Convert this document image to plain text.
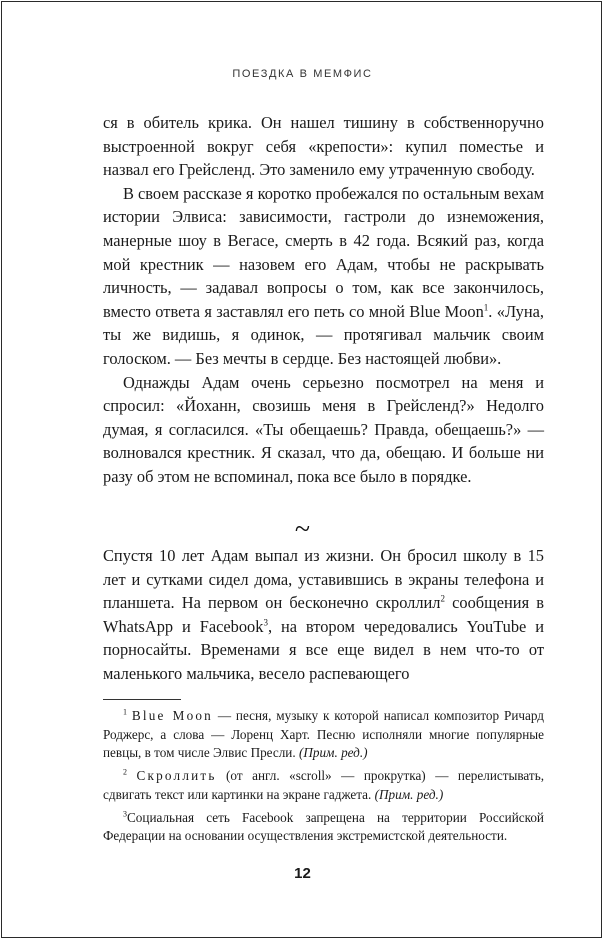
ПОЕЗДКА В МЕМФИС

ся в обитель крика. Он нашел тишину в собственноручно выстроенной вокруг себя «крепости»: купил поместье и назвал его Грейсленд. Это заменило ему утраченную свободу.

В своем рассказе я коротко пробежался по остальным вехам истории Элвиса: зависимости, гастроли до изнеможения, манерные шоу в Вегасе, смерть в 42 года. Всякий раз, когда мой крестник — назовем его Адам, чтобы не раскрывать личность, — задавал вопросы о том, как все закончилось, вместо ответа я заставлял его петь со мной Blue Moon$^1$. «Луна, ты же видишь, я одинок, — протягивал мальчик своим голоском. — Без мечты в сердце. Без настоящей любви».

Однажды Адам очень серьезно посмотрел на меня и спросил: «Йоханн, свозишь меня в Грейсленд?» Недолго думая, я согласился. «Ты обещаешь? Правда, обещаешь?» — волновался крестник. Я сказал, что да, обещаю. И больше ни разу об этом не вспоминал, пока все было в порядке.

~

Спустя 10 лет Адам выпал из жизни. Он бросил школу в 15 лет и сутками сидел дома, уставившись в экраны телефона и планшета. На первом он бесконечно скроллил$^2$ сообщения в WhatsApp и Facebook$^3$, на втором чередовались YouTube и порносайты. Временами я все еще видел в нем что-то от маленького мальчика, весело распевающего

$^1$ Blue Moon — песня, музыку к которой написал композитор Ричард Роджерс, а слова — Лоренц Харт. Песню исполняли многие популярные певцы, в том числе Элвис Пресли. (Прим. ред.)

$^2$ Скроллить (от англ. «scroll» — прокрутка) — перелистывать, сдвигать текст или картинки на экране гаджета. (Прим. ред.)

$^3$Социальная сеть Facebook запрещена на территории Российской Федерации на основании осуществления экстремистской деятельности.

12
